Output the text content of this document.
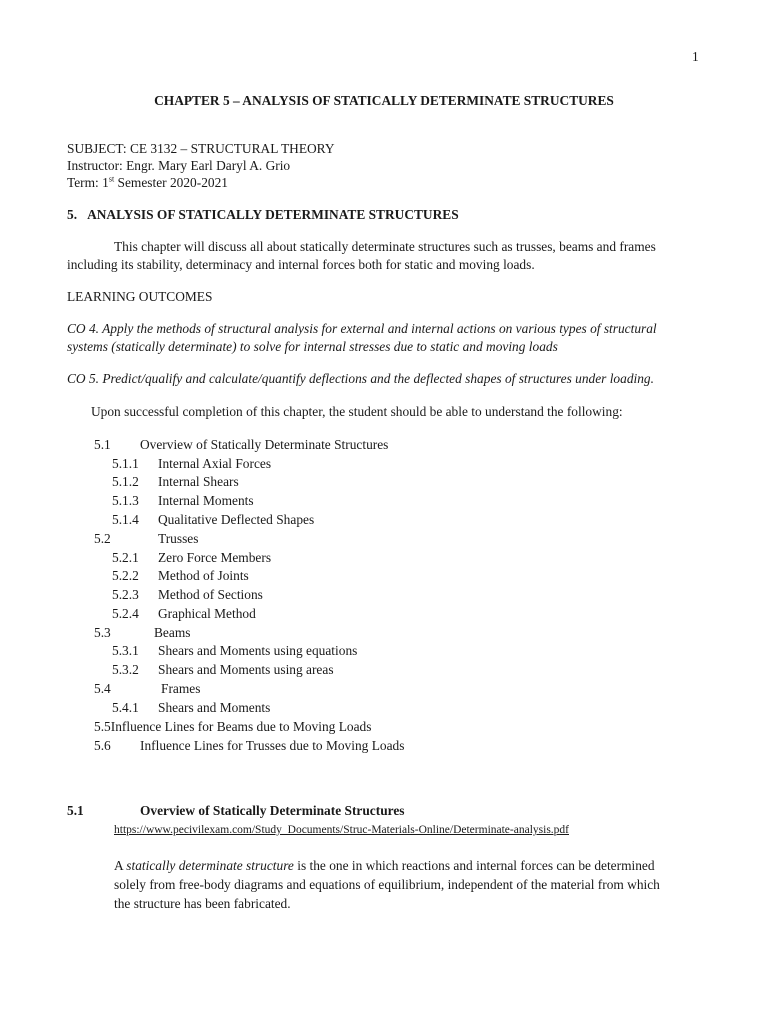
1
CHAPTER 5 – ANALYSIS OF STATICALLY DETERMINATE STRUCTURES
SUBJECT: CE 3132 – STRUCTURAL THEORY
Instructor: Engr. Mary Earl Daryl A. Grio
Term: 1st Semester 2020-2021
5. ANALYSIS OF STATICALLY DETERMINATE STRUCTURES
This chapter will discuss all about statically determinate structures such as trusses, beams and frames
including its stability, determinacy and internal forces both for static and moving loads.
LEARNING OUTCOMES
CO 4. Apply the methods of structural analysis for external and internal actions on various types of structural
systems (statically determinate) to solve for internal stresses due to static and moving loads
CO 5. Predict/qualify and calculate/quantify deflections and the deflected shapes of structures under loading.
Upon successful completion of this chapter, the student should be able to understand the following:
5.1 Overview of Statically Determinate Structures
5.1.1 Internal Axial Forces
5.1.2 Internal Shears
5.1.3 Internal Moments
5.1.4 Qualitative Deflected Shapes
5.2	Trusses
5.2.1 Zero Force Members
5.2.2 Method of Joints
5.2.3 Method of Sections
5.2.4 Graphical Method
5.3	Beams
5.3.1 Shears and Moments using equations
5.3.2 Shears and Moments using areas
5.4	Frames
5.4.1 Shears and Moments
5.5Influence Lines for Beams due to Moving Loads
5.6 Influence Lines for Trusses due to Moving Loads
5.1	Overview of Statically Determinate Structures
https://www.pecivilexam.com/Study_Documents/Struc-Materials-Online/Determinate-analysis.pdf
A statically determinate structure is the one in which reactions and internal forces can be determined
solely from free-body diagrams and equations of equilibrium, independent of the material from which
the structure has been fabricated.
